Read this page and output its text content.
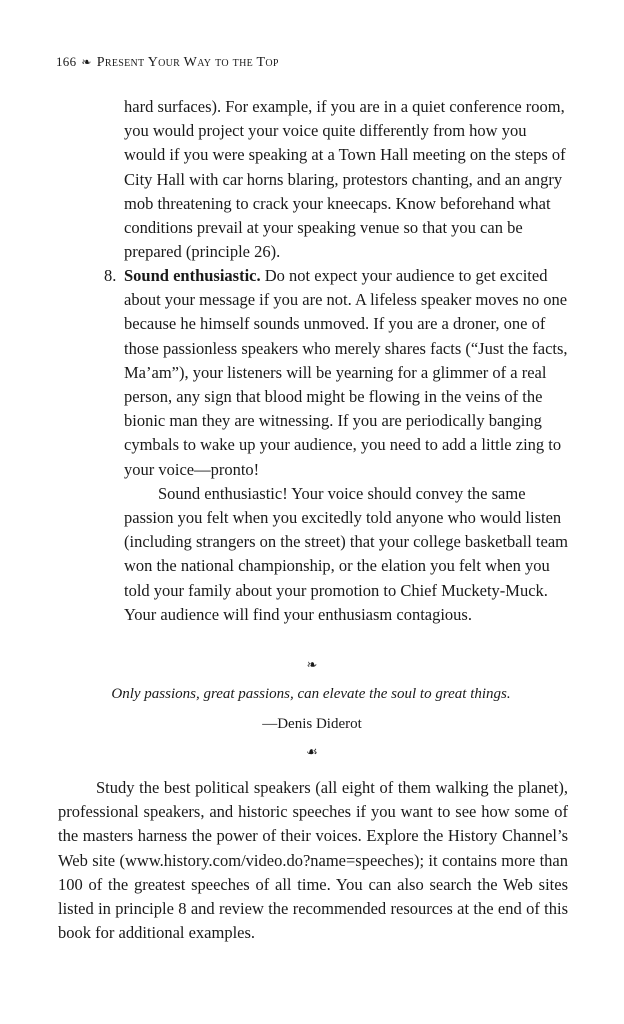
166 ❧ Present Your Way to the Top
hard surfaces). For example, if you are in a quiet conference room, you would project your voice quite differently from how you would if you were speaking at a Town Hall meeting on the steps of City Hall with car horns blaring, protestors chanting, and an angry mob threatening to crack your kneecaps. Know beforehand what conditions prevail at your speaking venue so that you can be prepared (principle 26).
8. Sound enthusiastic. Do not expect your audience to get excited about your message if you are not. A lifeless speaker moves no one because he himself sounds unmoved. If you are a droner, one of those passionless speakers who merely shares facts (“Just the facts, Ma’am”), your listeners will be yearning for a glimmer of a real person, any sign that blood might be flowing in the veins of the bionic man they are witnessing. If you are periodically banging cymbals to wake up your audience, you need to add a little zing to your voice—pronto!

Sound enthusiastic! Your voice should convey the same passion you felt when you excitedly told anyone who would listen (including strangers on the street) that your college basketball team won the national championship, or the elation you felt when you told your family about your promotion to Chief Muckety-Muck. Your audience will find your enthusiasm contagious.

❧
Only passions, great passions, can elevate the soul to great things.
—Denis Diderot
☙

Study the best political speakers (all eight of them walking the planet), professional speakers, and historic speeches if you want to see how some of the masters harness the power of their voices. Explore the History Channel’s Web site (www.history.com/video.do?name=speeches); it contains more than 100 of the greatest speeches of all time. You can also search the Web sites listed in principle 8 and review the recommended resources at the end of this book for additional examples.
